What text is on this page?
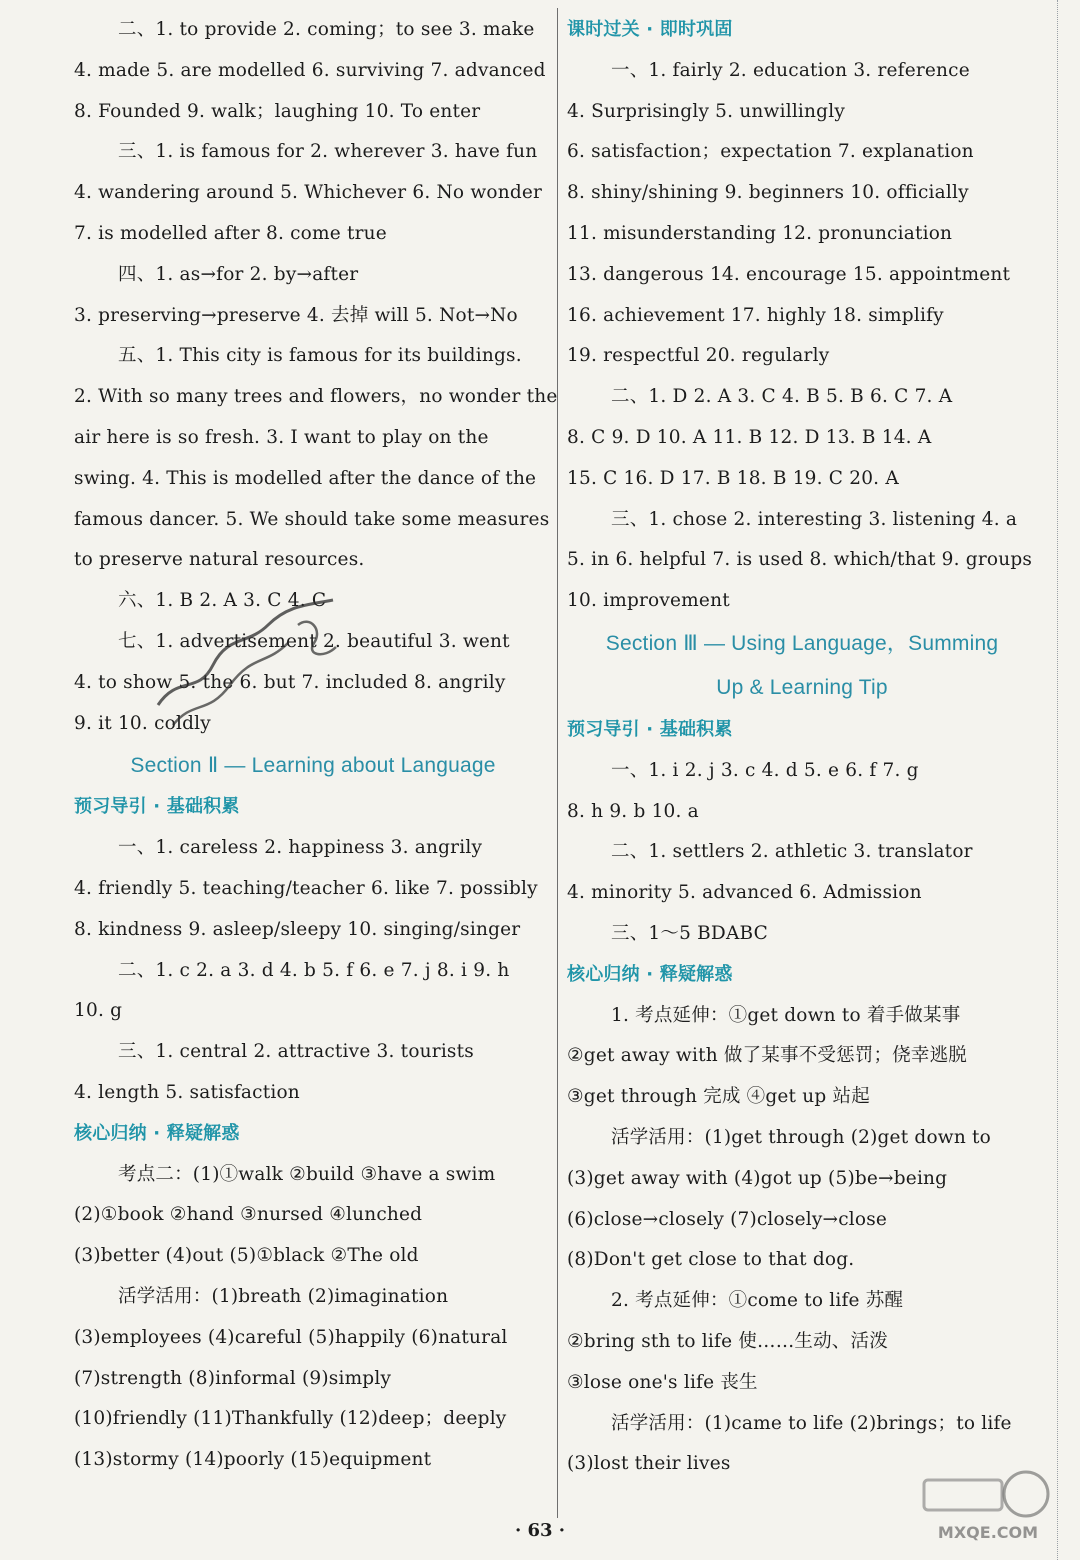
二、1. to provide 2. coming；to see 3. make
4. made 5. are modelled 6. surviving 7. advanced
8. Founded 9. walk；laughing 10. To enter
三、1. is famous for 2. wherever 3. have fun
4. wandering around 5. Whichever 6. No wonder
7. is modelled after 8. come true
四、1. as→for 2. by→after
3. preserving→preserve 4. 去掉 will 5. Not→No
五、1. This city is famous for its buildings.
2. With so many trees and flowers，no wonder the
air here is so fresh. 3. I want to play on the
swing. 4. This is modelled after the dance of the
famous dancer. 5. We should take some measures
to preserve natural resources.
六、1. B 2. A 3. C 4. C
七、1. advertisement 2. beautiful 3. went
4. to show 5. the 6. but 7. included 8. angrily
9. it 10. coldly
Section Ⅱ — Learning about Language
预习导引 · 基础积累
一、1. careless 2. happiness 3. angrily
4. friendly 5. teaching/teacher 6. like 7. possibly
8. kindness 9. asleep/sleepy 10. singing/singer
二、1. c 2. a 3. d 4. b 5. f 6. e 7. j 8. i 9. h
10. g
三、1. central 2. attractive 3. tourists
4. length 5. satisfaction
核心归纳 · 释疑解惑
考点二：(1)①walk ②build ③have a swim
(2)①book ②hand ③nursed ④lunched
(3)better (4)out (5)①black ②The old
活学活用：(1)breath (2)imagination
(3)employees (4)careful (5)happily (6)natural
(7)strength (8)informal (9)simply
(10)friendly (11)Thankfully (12)deep；deeply
(13)stormy (14)poorly (15)equipment
课时过关 · 即时巩固
一、1. fairly 2. education 3. reference
4. Surprisingly 5. unwillingly
6. satisfaction；expectation 7. explanation
8. shiny/shining 9. beginners 10. officially
11. misunderstanding 12. pronunciation
13. dangerous 14. encourage 15. appointment
16. achievement 17. highly 18. simplify
19. respectful 20. regularly
二、1. D 2. A 3. C 4. B 5. B 6. C 7. A
8. C 9. D 10. A 11. B 12. D 13. B 14. A
15. C 16. D 17. B 18. B 19. C 20. A
三、1. chose 2. interesting 3. listening 4. a
5. in 6. helpful 7. is used 8. which/that 9. groups
10. improvement
Section Ⅲ — Using Language，Summing
Up & Learning Tip
预习导引 · 基础积累
一、1. i 2. j 3. c 4. d 5. e 6. f 7. g
8. h 9. b 10. a
二、1. settlers 2. athletic 3. translator
4. minority 5. advanced 6. Admission
三、1～5 BDABC
核心归纳 · 释疑解惑
1. 考点延伸：①get down to 着手做某事
②get away with 做了某事不受惩罚；侥幸逃脱
③get through 完成 ④get up 站起
活学活用：(1)get through (2)get down to
(3)get away with (4)got up (5)be→being
(6)close→closely (7)closely→close
(8)Don't get close to that dog.
2. 考点延伸：①come to life 苏醒
②bring sth to life 使……生动、活泼
③lose one's life 丧生
活学活用：(1)came to life (2)brings；to life
(3)lost their lives
· 63 ·	MXQE.COM
